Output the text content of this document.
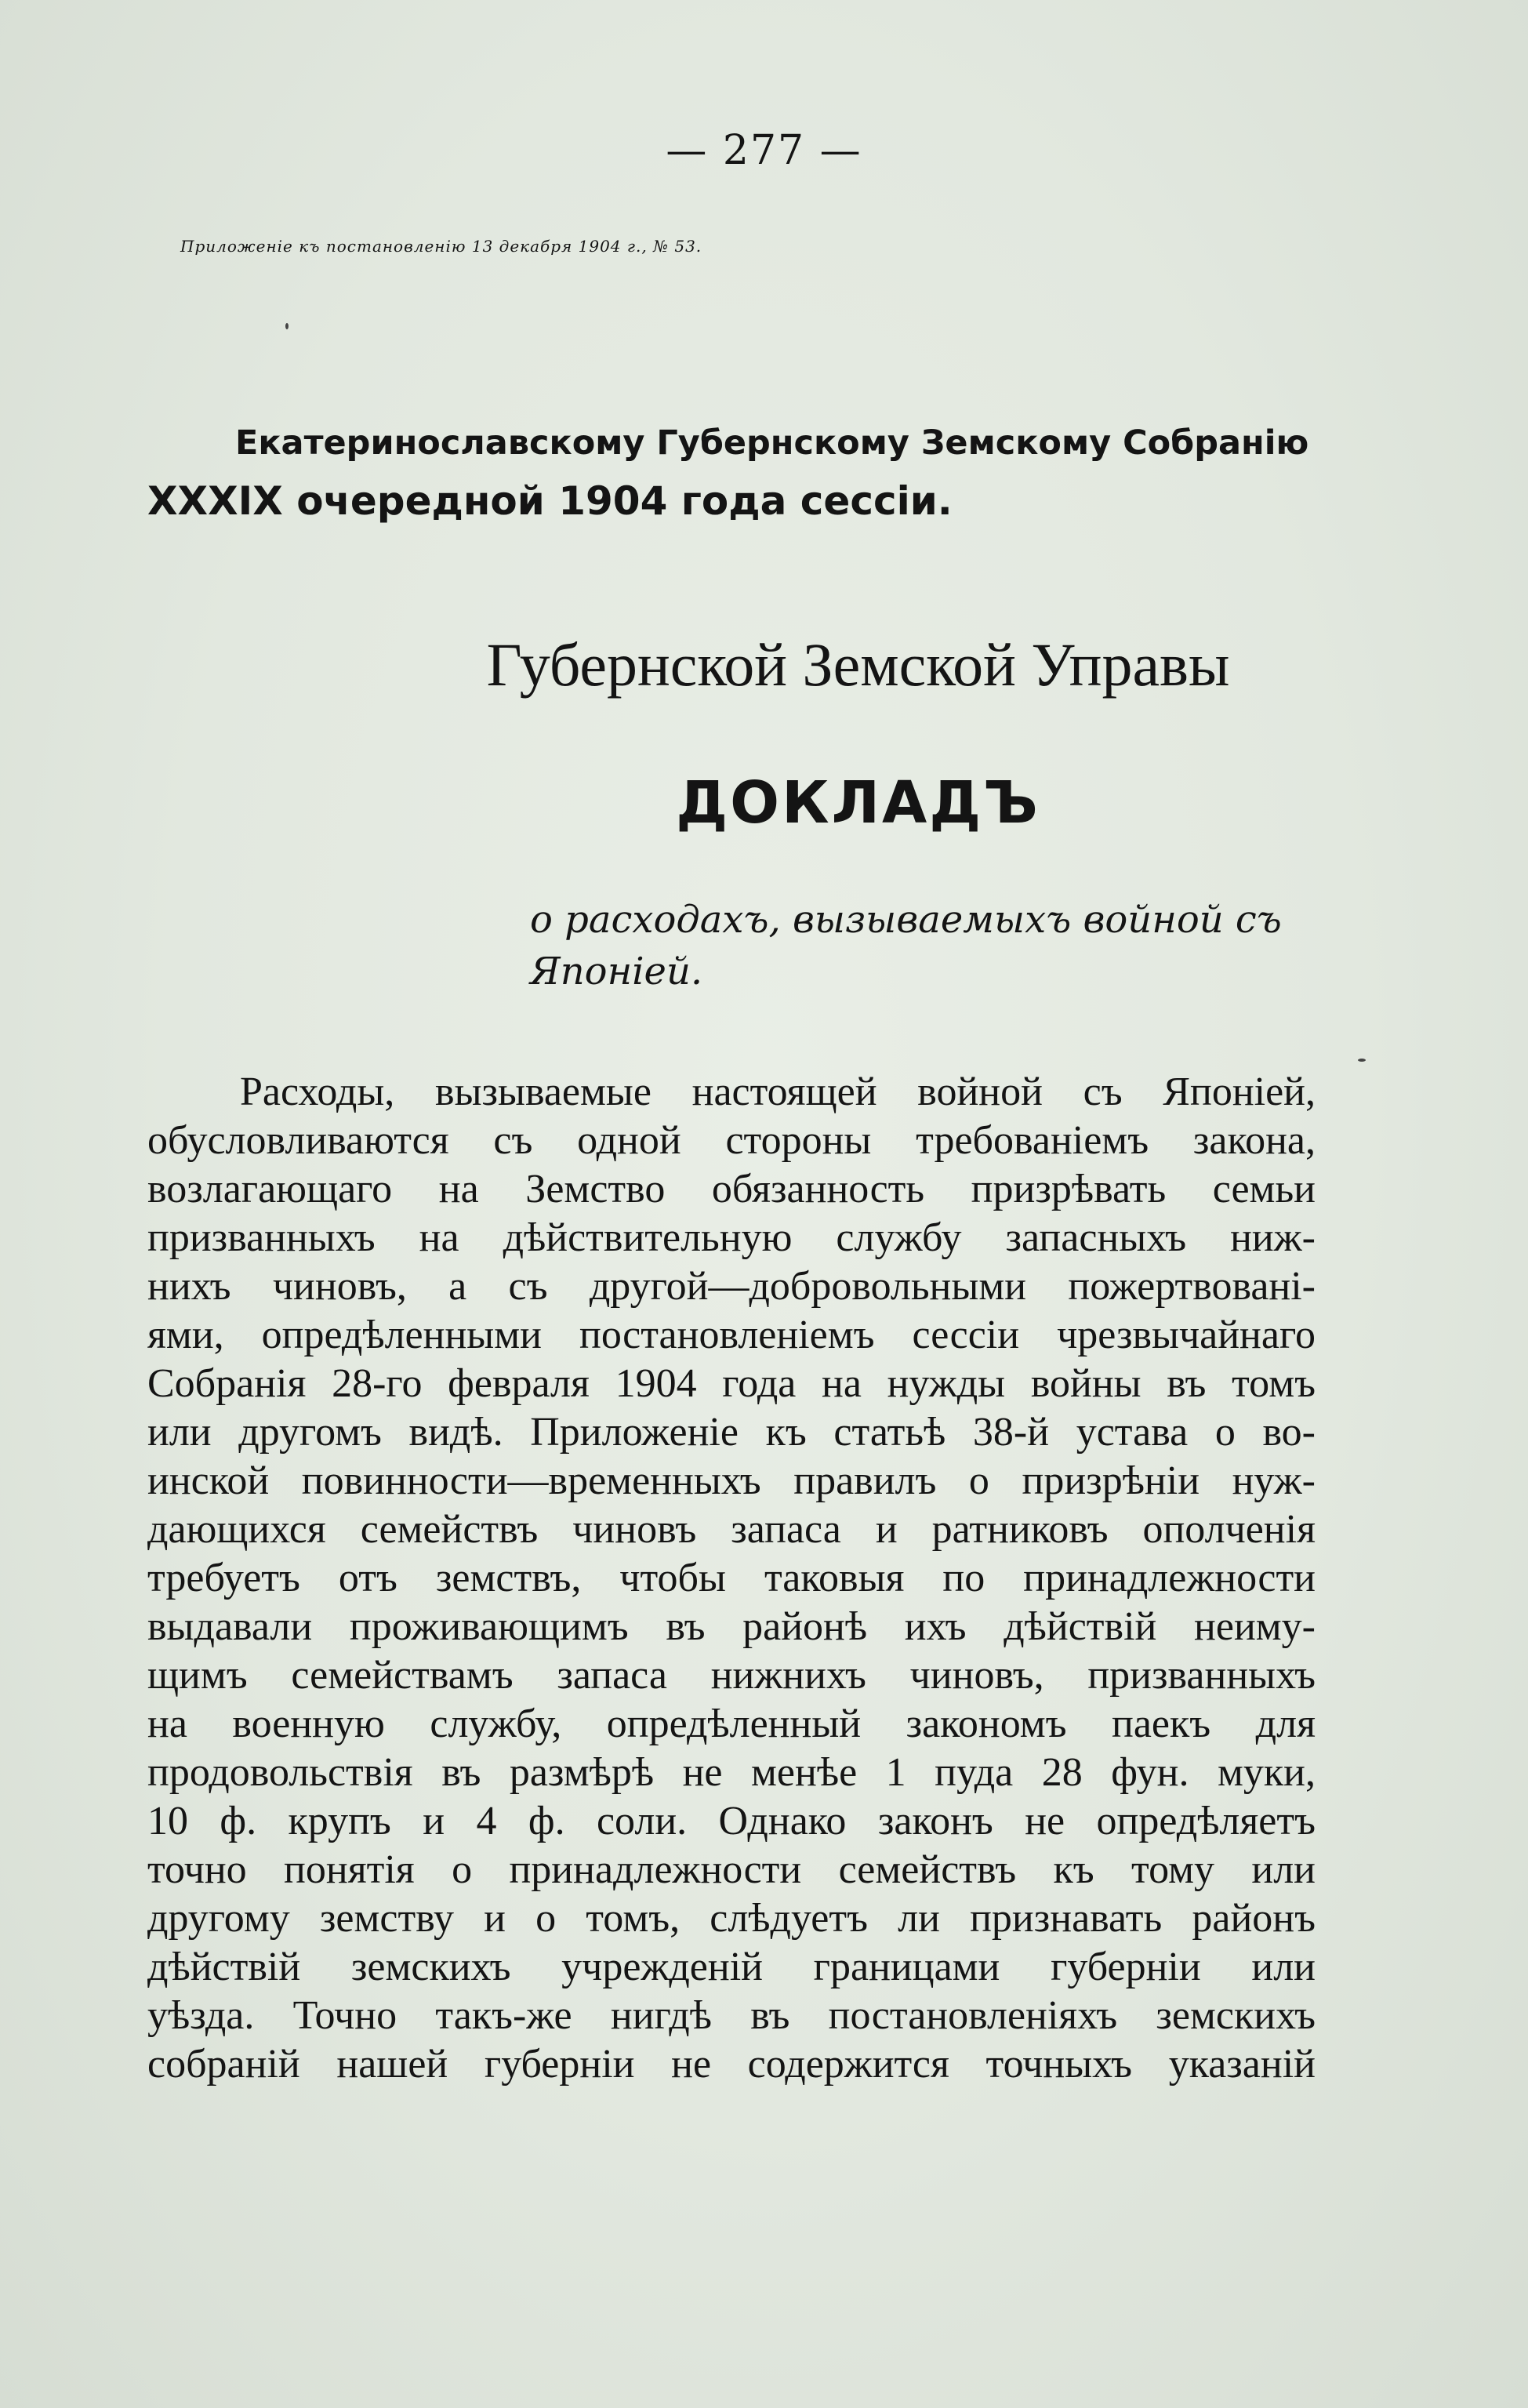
— 277 —
Приложеніе къ постановленію 13 декабря 1904 г., № 53.
Екатеринославскому Губернскому Земскому Собранію
XXXIX очередной 1904 года сессіи.
Губернской Земской Управы
ДОКЛАДЪ
о расходахъ, вызываемыхъ войной съ
Японіей.
Расходы, вызываемые настоящей войной съ Японіей,
обусловливаются съ одной стороны требованіемъ закона,
возлагающаго на Земство обязанность призрѣвать семьи
призванныхъ на дѣйствительную службу запасныхъ ниж-
нихъ чиновъ, а съ другой—добровольными пожертвовані-
ями, опредѣленными постановленіемъ сессіи чрезвычайнаго
Собранія 28-го февраля 1904 года на нужды войны въ томъ
или другомъ видѣ. Приложеніе къ статьѣ 38-й устава о во-
инской повинности—временныхъ правилъ о призрѣніи нуж-
дающихся семействъ чиновъ запаса и ратниковъ ополченія
требуетъ отъ земствъ, чтобы таковыя по принадлежности
выдавали проживающимъ въ районѣ ихъ дѣйствій неиму-
щимъ семействамъ запаса нижнихъ чиновъ, призванныхъ
на военную службу, опредѣленный закономъ паекъ для
продовольствія въ размѣрѣ не менѣе 1 пуда 28 фун. муки,
10 ф. крупъ и 4 ф. соли. Однако законъ не опредѣляетъ
точно понятія о принадлежности семействъ къ тому или
другому земству и о томъ, слѣдуетъ ли признавать районъ
дѣйствій земскихъ учрежденій границами губерніи или
уѣзда. Точно такъ-же нигдѣ въ постановленіяхъ земскихъ
собраній нашей губерніи не содержится точныхъ указаній
